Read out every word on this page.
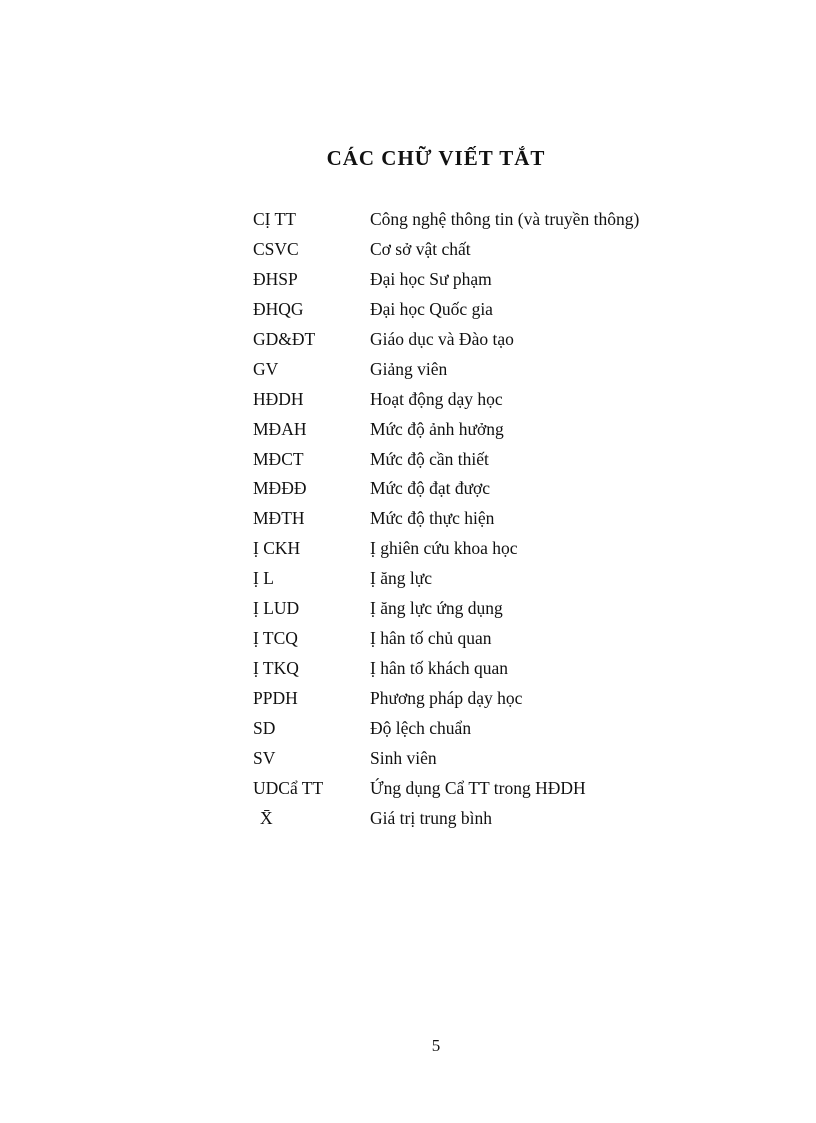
CÁC CHỮ VIẾT TẮT
CỊ TT	Công nghệ thông tin (và truyền thông)
CSVC	Cơ sở vật chất
ĐHSP	Đại học Sư phạm
ĐHQG	Đại học Quốc gia
GD&ĐT	Giáo dục và Đào tạo
GV	Giảng viên
HĐDH	Hoạt động dạy học
MĐAH	Mức độ ảnh hưởng
MĐCT	Mức độ cần thiết
MĐĐĐ	Mức độ đạt được
MĐTH	Mức độ thực hiện
Ị CKH	Ị ghiên cứu khoa học
Ị L	Ị ăng lực
Ị LUD	Ị ăng lực ứng dụng
Ị TCQ	Ị hân tố chủ quan
Ị TKQ	Ị hân tố khách quan
PPDH	Phương pháp dạy học
SD	Độ lệch chuẩn
SV	Sinh viên
UDCẩ TT	Ứng dụng Cẩ TT trong HĐDH
X̄	Giá trị trung bình
5
